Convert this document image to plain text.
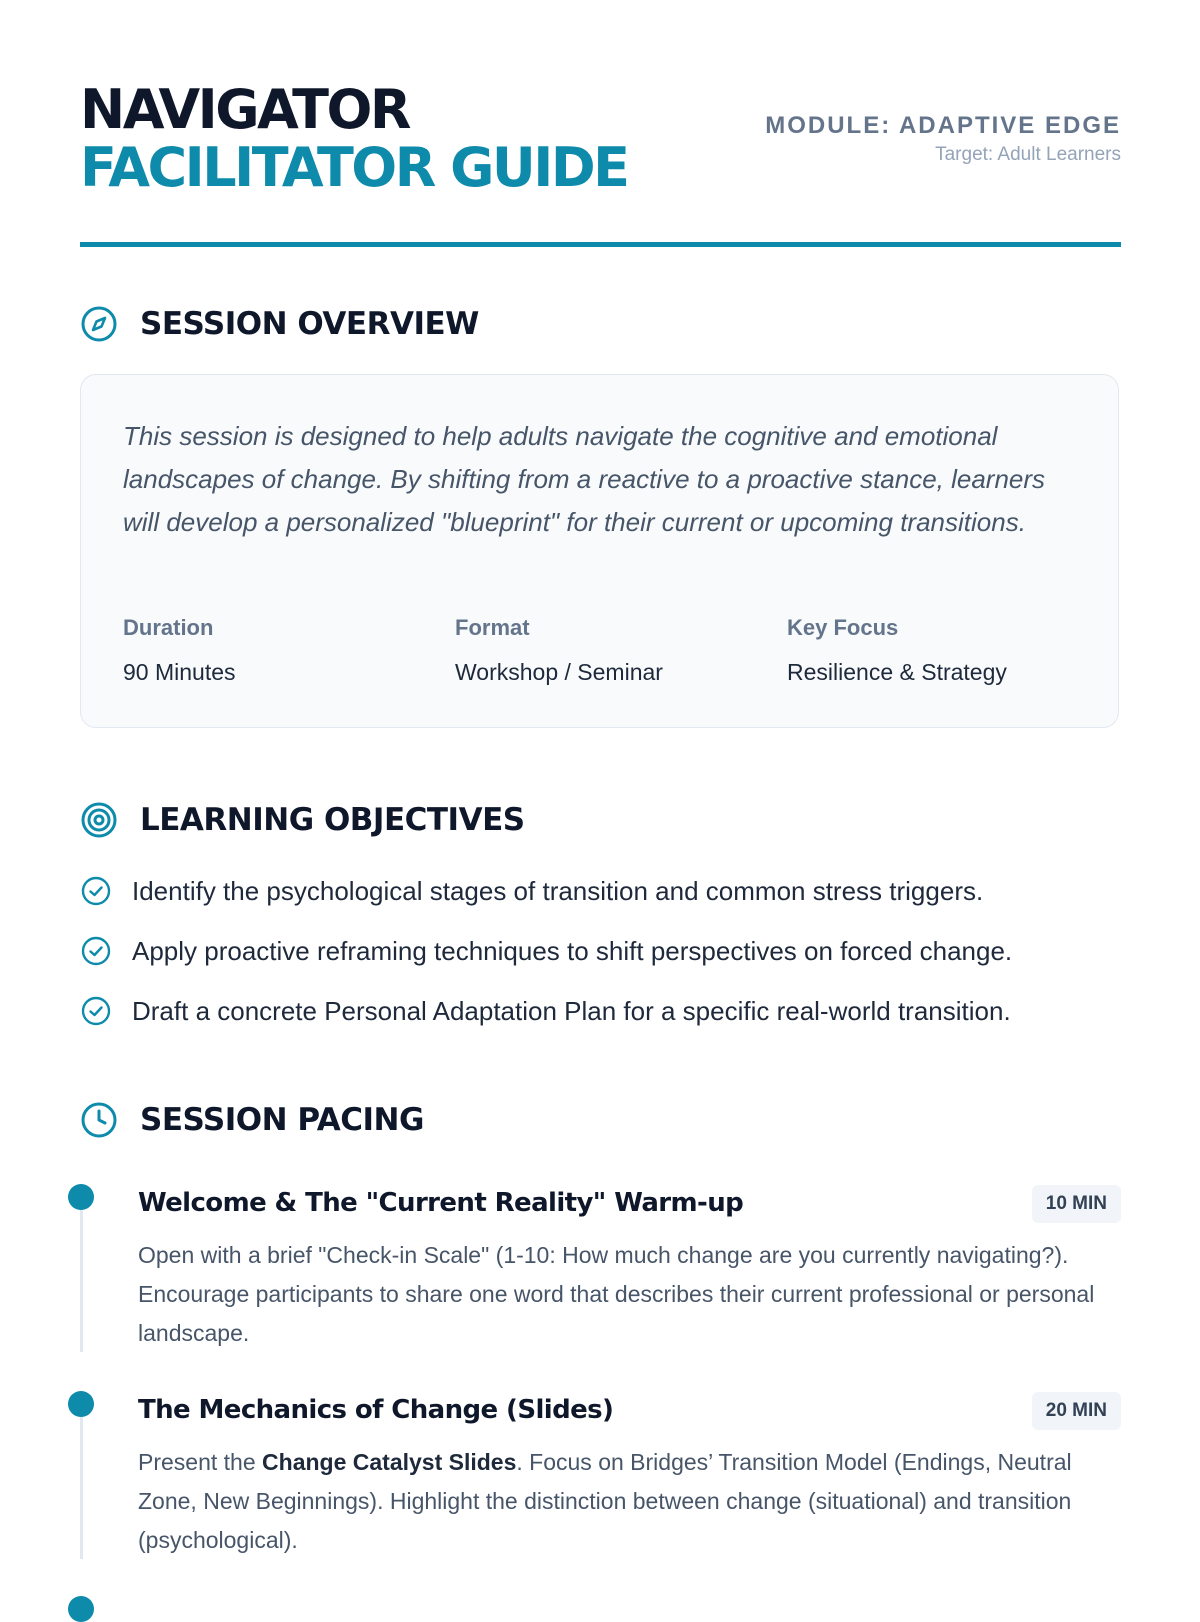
NAVIGATOR
FACILITATOR GUIDE
MODULE: ADAPTIVE EDGE
Target: Adult Learners
SESSION OVERVIEW
This session is designed to help adults navigate the cognitive and emotional landscapes of change. By shifting from a reactive to a proactive stance, learners will develop a personalized "blueprint" for their current or upcoming transitions.
Duration
90 Minutes
Format
Workshop / Seminar
Key Focus
Resilience & Strategy
LEARNING OBJECTIVES
Identify the psychological stages of transition and common stress triggers.
Apply proactive reframing techniques to shift perspectives on forced change.
Draft a concrete Personal Adaptation Plan for a specific real-world transition.
SESSION PACING
Welcome & The "Current Reality" Warm-up	10 MIN
Open with a brief "Check-in Scale" (1-10: How much change are you currently navigating?). Encourage participants to share one word that describes their current professional or personal landscape.
The Mechanics of Change (Slides)	20 MIN
Present the Change Catalyst Slides. Focus on Bridges’ Transition Model (Endings, Neutral Zone, New Beginnings). Highlight the distinction between change (situational) and transition (psychological).
